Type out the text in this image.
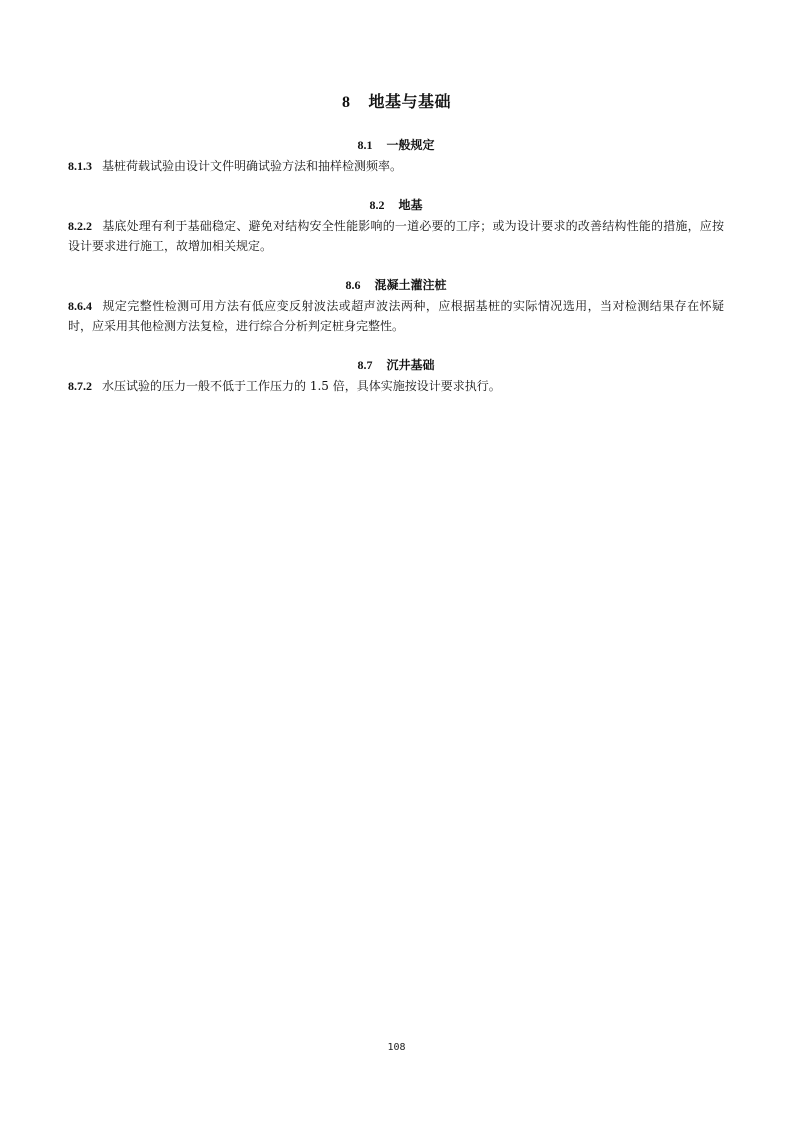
8 地基与基础
8.1 一般规定
8.1.3 基桩荷载试验由设计文件明确试验方法和抽样检测频率。
8.2 地基
8.2.2 基底处理有利于基础稳定、避免对结构安全性能影响的一道必要的工序；或为设计要求的改善结构性能的措施，应按设计要求进行施工，故增加相关规定。
8.6 混凝土灌注桩
8.6.4 规定完整性检测可用方法有低应变反射波法或超声波法两种，应根据基桩的实际情况选用，当对检测结果存在怀疑时，应采用其他检测方法复检，进行综合分析判定桩身完整性。
8.7 沉井基础
8.7.2 水压试验的压力一般不低于工作压力的 1.5 倍，具体实施按设计要求执行。
108
